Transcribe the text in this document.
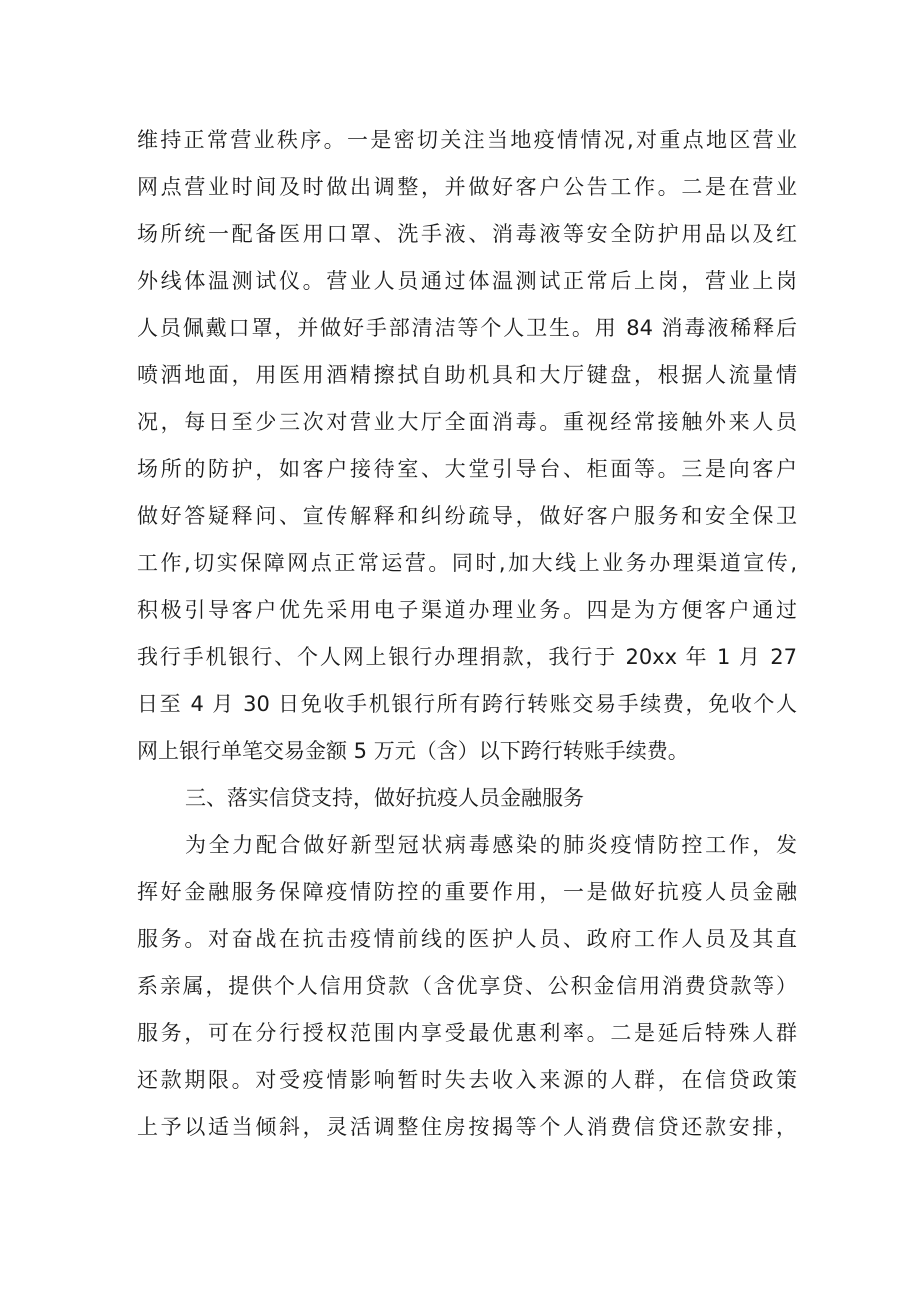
维持正常营业秩序。一是密切关注当地疫情情况,对重点地区营业
网点营业时间及时做出调整，并做好客户公告工作。二是在营业
场所统一配备医用口罩、洗手液、消毒液等安全防护用品以及红
外线体温测试仪。营业人员通过体温测试正常后上岗，营业上岗
人员佩戴口罩，并做好手部清洁等个人卫生。用 84 消毒液稀释后
喷洒地面，用医用酒精擦拭自助机具和大厅键盘，根据人流量情
况，每日至少三次对营业大厅全面消毒。重视经常接触外来人员
场所的防护，如客户接待室、大堂引导台、柜面等。三是向客户
做好答疑释问、宣传解释和纠纷疏导，做好客户服务和安全保卫
工作,切实保障网点正常运营。同时,加大线上业务办理渠道宣传,
积极引导客户优先采用电子渠道办理业务。四是为方便客户通过
我行手机银行、个人网上银行办理捐款，我行于 20xx 年 1 月 27
日至 4 月 30 日免收手机银行所有跨行转账交易手续费，免收个人
网上银行单笔交易金额 5 万元（含）以下跨行转账手续费。
三、落实信贷支持，做好抗疫人员金融服务
为全力配合做好新型冠状病毒感染的肺炎疫情防控工作，发
挥好金融服务保障疫情防控的重要作用，一是做好抗疫人员金融
服务。对奋战在抗击疫情前线的医护人员、政府工作人员及其直
系亲属，提供个人信用贷款（含优享贷、公积金信用消费贷款等）
服务，可在分行授权范围内享受最优惠利率。二是延后特殊人群
还款期限。对受疫情影响暂时失去收入来源的人群，在信贷政策
上予以适当倾斜，灵活调整住房按揭等个人消费信贷还款安排，
